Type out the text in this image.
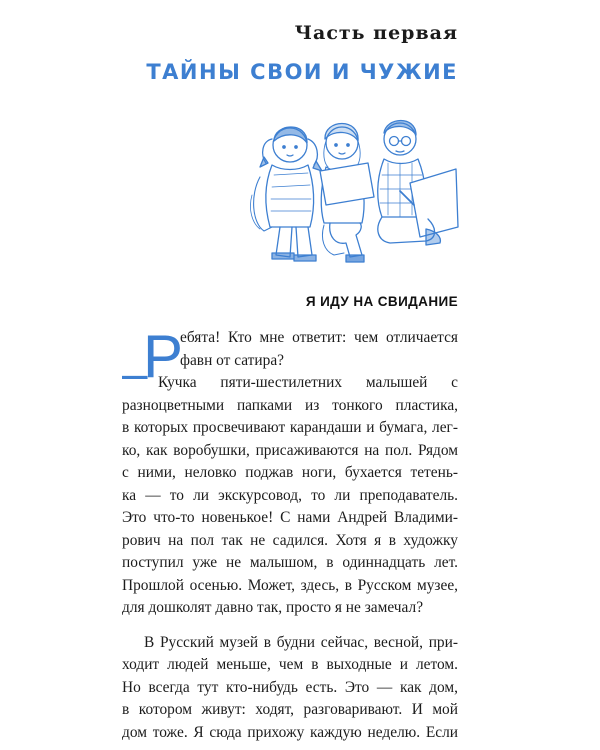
Часть первая
ТАЙНЫ СВОИ И ЧУЖИЕ
Я ИДУ НА СВИДАНИЕ
–
Р
ебята! Кто мне ответит: чем отличается
фавн от сатира?
Кучка пяти-шестилетних малышей с
разноцветными папками из тонкого пластика,
в которых просвечивают карандаши и бумага, лег-
ко, как воробушки, присаживаются на пол. Рядом
с ними, неловко поджав ноги, бухается тетень-
ка — то ли экскурсовод, то ли преподаватель.
Это что-то новенькое! С нами Андрей Владими-
рович на пол так не садился. Хотя я в художку
поступил уже не малышом, в одиннадцать лет.
Прошлой осенью. Может, здесь, в Русском музее,
для дошколят давно так, просто я не замечал?
В Русский музей в будни сейчас, весной, при-
ходит людей меньше, чем в выходные и летом.
Но всегда тут кто-нибудь есть. Это — как дом,
в котором живут: ходят, разговаривают. И мой
дом тоже. Я сюда прихожу каждую неделю. Если
